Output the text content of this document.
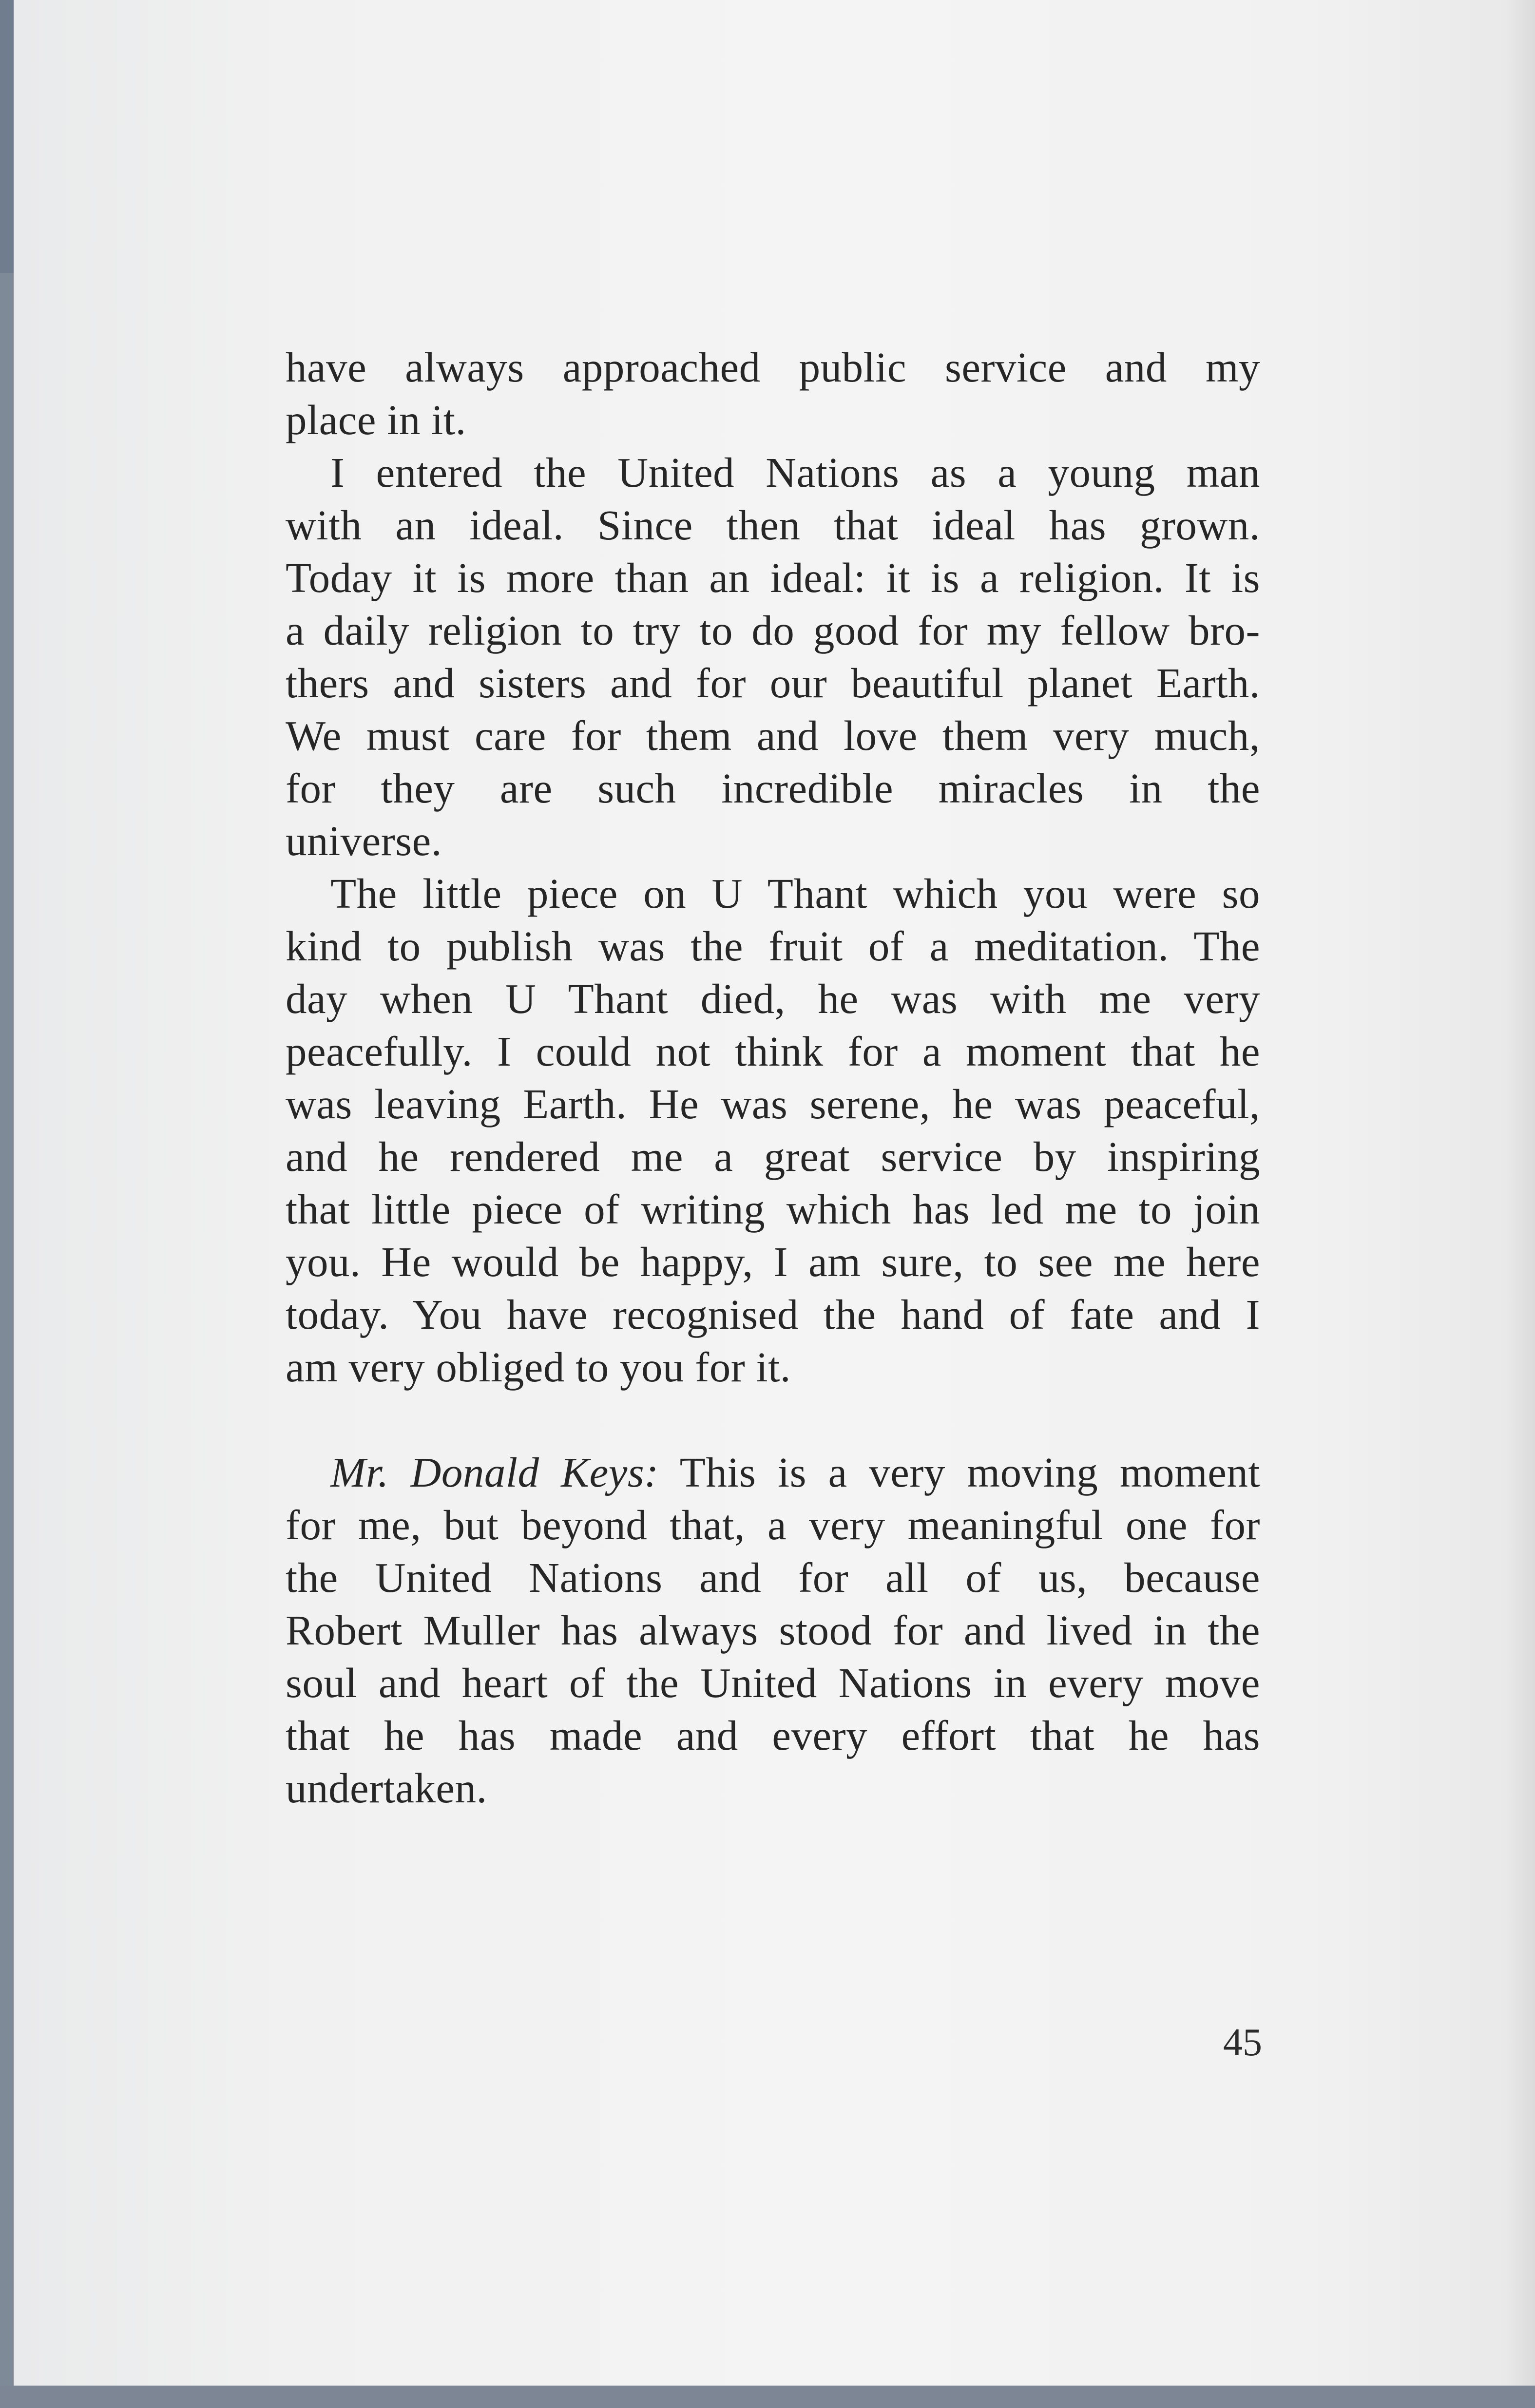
have always approached public service and my
place in it.
I entered the United Nations as a young man
with an ideal. Since then that ideal has grown.
Today it is more than an ideal: it is a religion. It is
a daily religion to try to do good for my fellow bro-
thers and sisters and for our beautiful planet Earth.
We must care for them and love them very much,
for they are such incredible miracles in the
universe.
The little piece on U Thant which you were so
kind to publish was the fruit of a meditation. The
day when U Thant died, he was with me very
peacefully. I could not think for a moment that he
was leaving Earth. He was serene, he was peaceful,
and he rendered me a great service by inspiring
that little piece of writing which has led me to join
you. He would be happy, I am sure, to see me here
today. You have recognised the hand of fate and I
am very obliged to you for it.
Mr. Donald Keys: This is a very moving moment
for me, but beyond that, a very meaningful one for
the United Nations and for all of us, because
Robert Muller has always stood for and lived in the
soul and heart of the United Nations in every move
that he has made and every effort that he has
undertaken.
45
